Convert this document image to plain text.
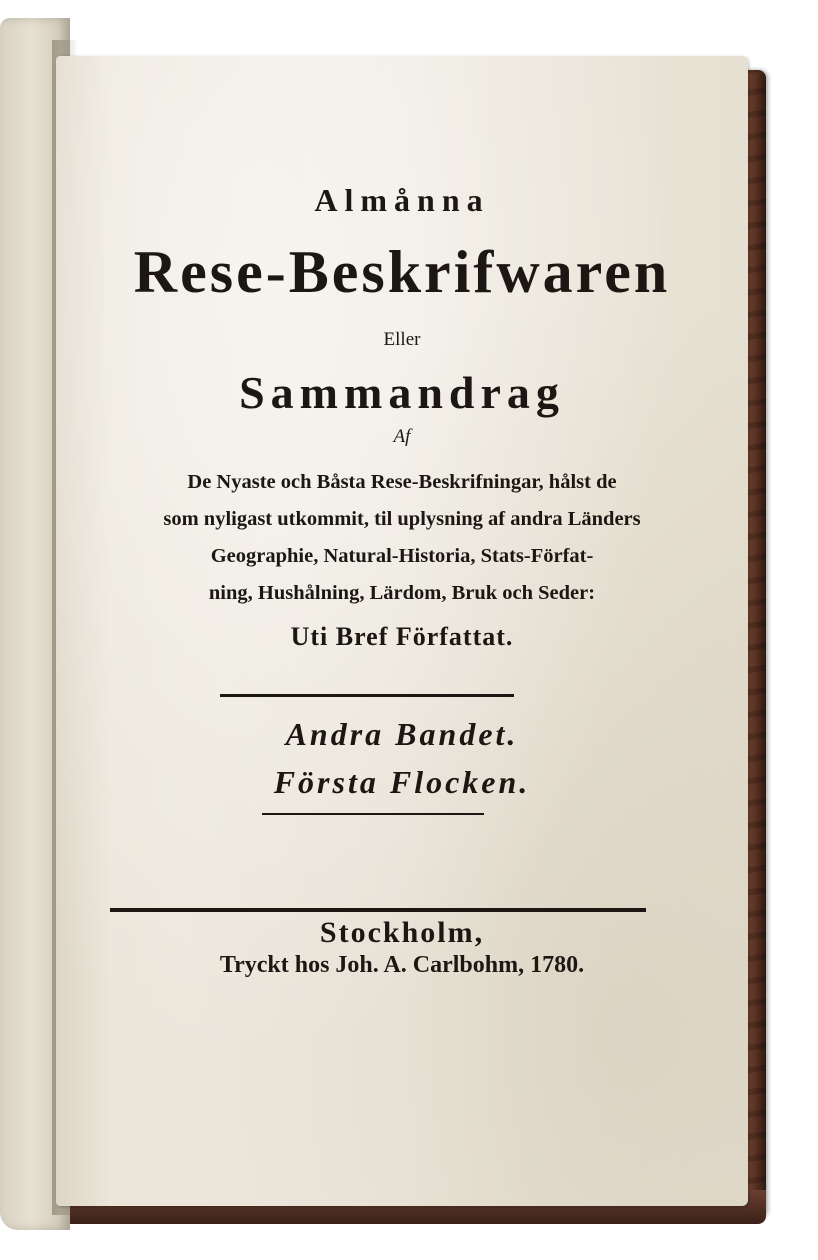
Almånna

Rese-Beskrifwaren

Eller

Sammandrag

Af

De Nyaste och Båsta Rese-Beskrifningar, hålst de
som nyligast utkommit, til uplysning af andra Länders
Geographie, Natural-Historia, Stats-Förfat-
ning, Hushålning, Lärdom, Bruk och Seder:

Uti Bref Författat.

Andra Bandet.

Första Flocken.

Stockholm,

Tryckt hos Joh. A. Carlbohm, 1780.
